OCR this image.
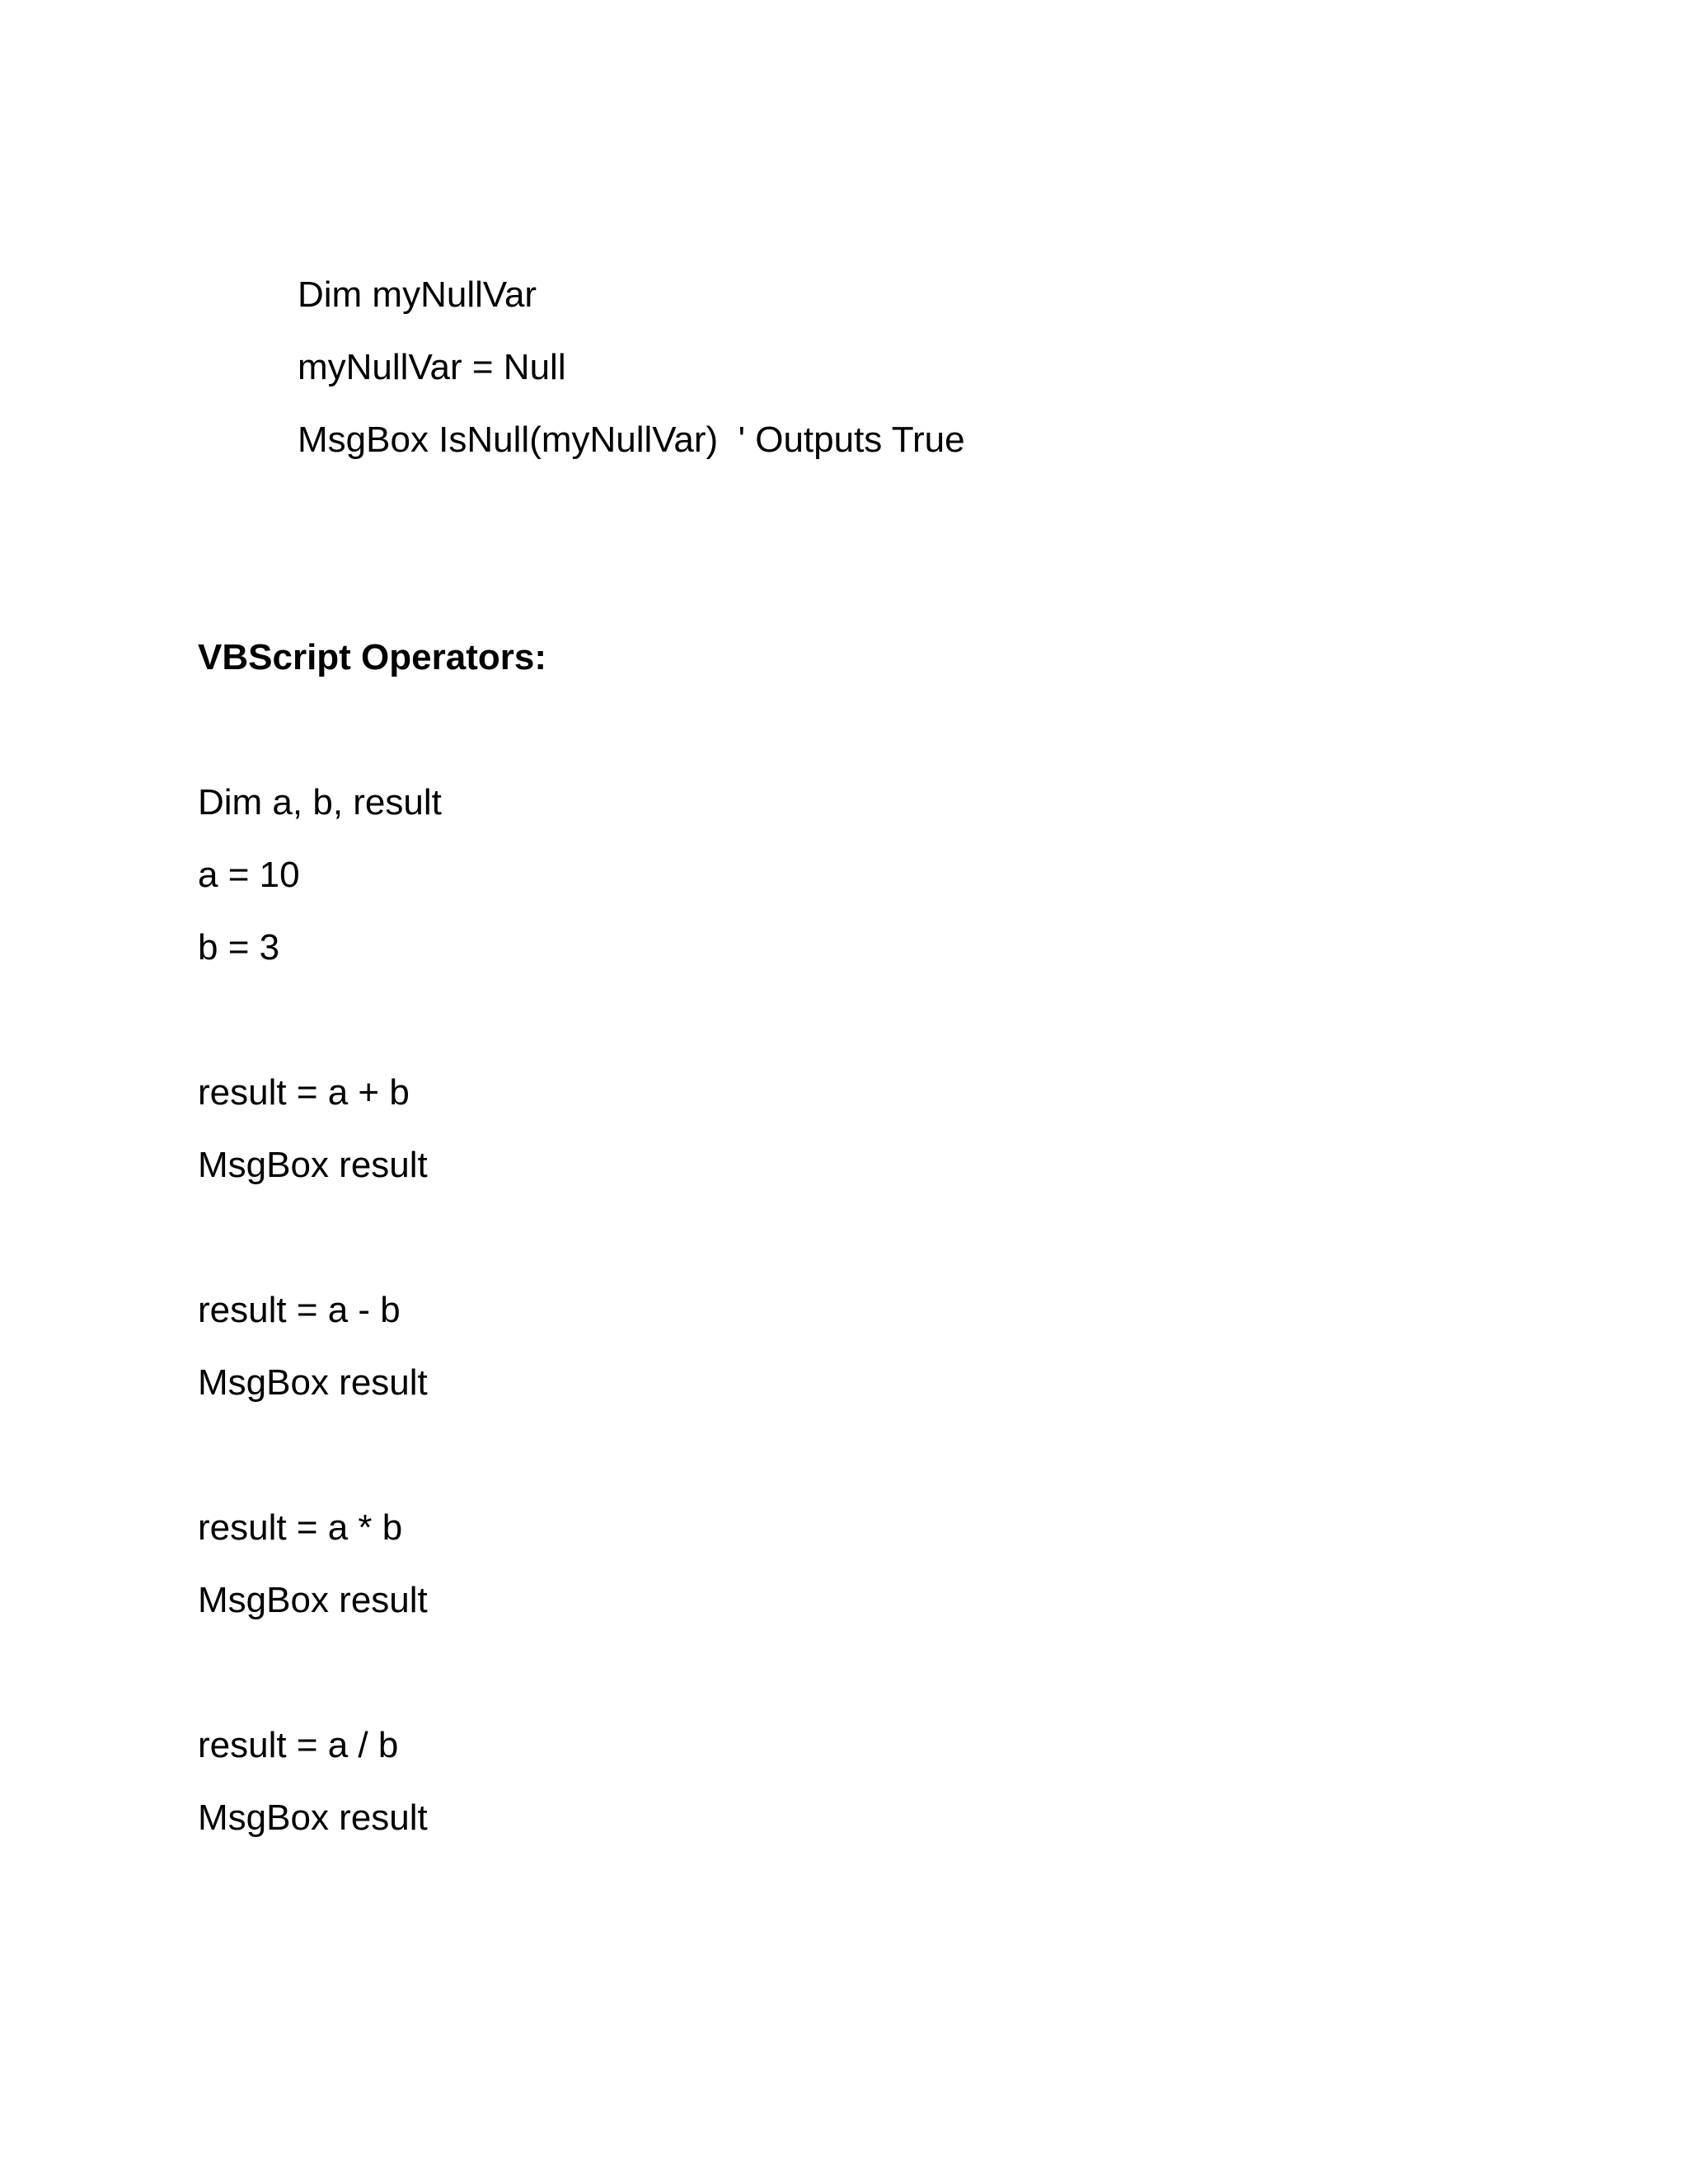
Dim myNullVar
myNullVar = Null
MsgBox IsNull(myNullVar)  ' Outputs True
VBScript Operators:
Dim a, b, result
a = 10
b = 3
result = a + b
MsgBox result
result = a - b
MsgBox result
result = a * b
MsgBox result
result = a / b
MsgBox result
